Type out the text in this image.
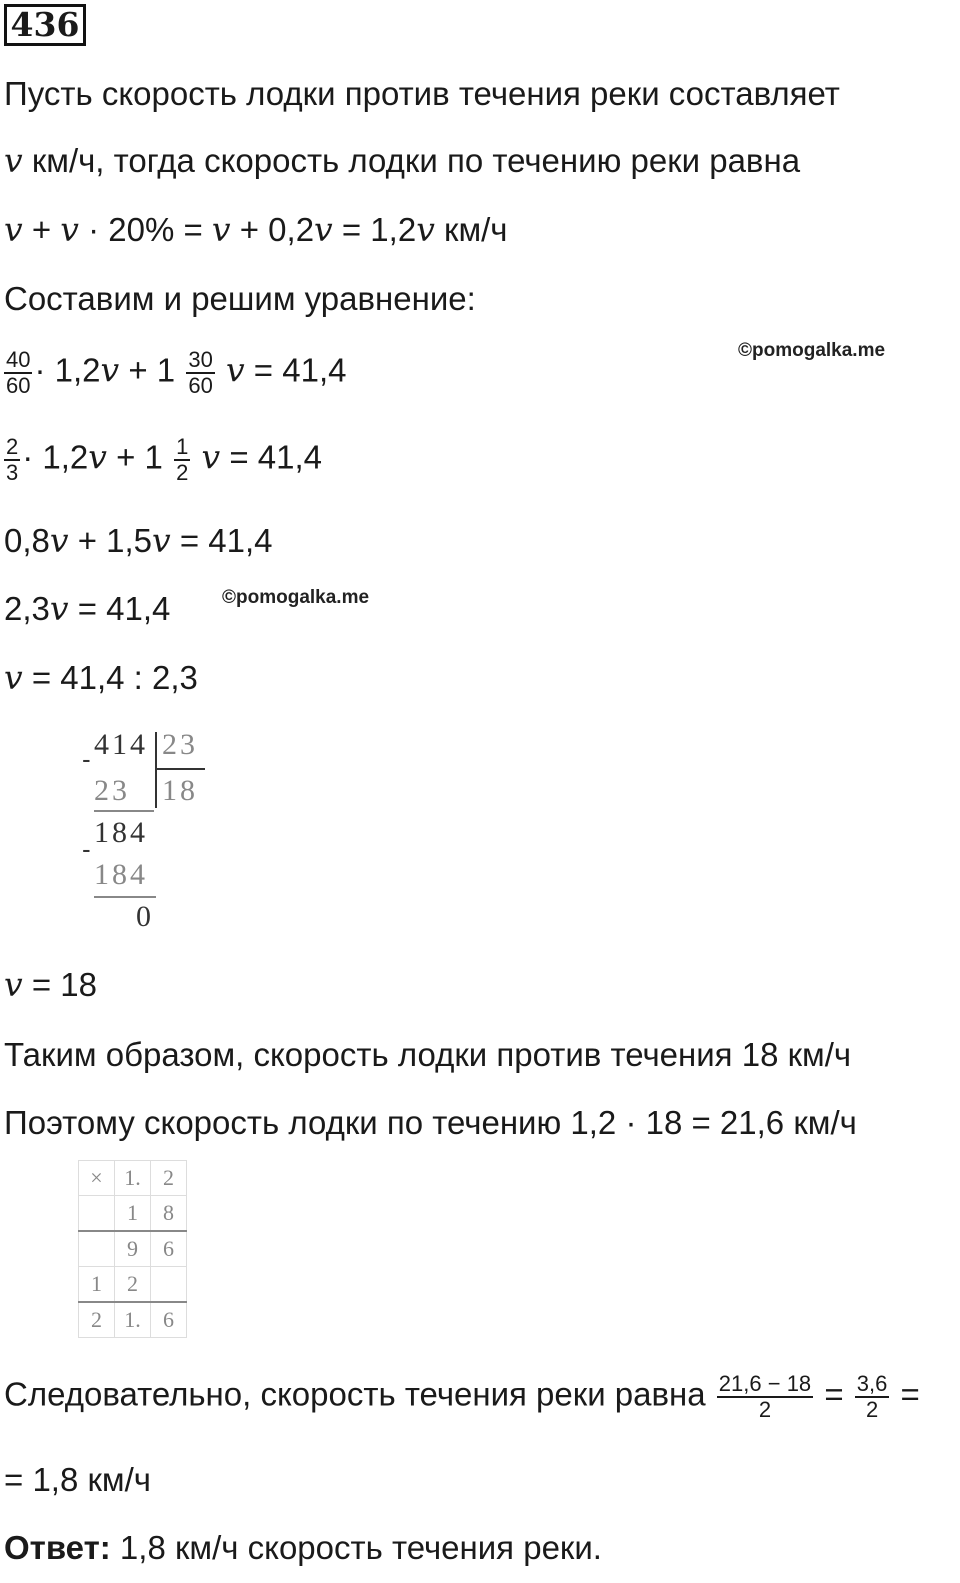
436
Пусть скорость лодки против течения реки составляет
v км/ч, тогда скорость лодки по течению реки равна
v + v · 20% = v + 0,2v = 1,2v км/ч
Составим и решим уравнение:
©pomogalka.me
$\frac{40}{60} \cdot 1,2v + 1 \frac{30}{60}$ v = 41,4
$\frac{2}{3} \cdot 1,2v + 1 \frac{1}{2}$ v = 41,4
0,8v + 1,5v = 41,4
2,3v = 41,4	©pomogalka.me
v = 41,4 : 2,3
414 23
-
23 18
184
-
184
0
v = 18
Таким образом, скорость лодки против течения 18 км/ч
Поэтому скорость лодки по течению 1,2 · 18 = 21,6 км/ч
×	1.	2
	1	8
	9	6
1	2	
2	1.	6
Следовательно, скорость течения реки равна $\frac{21,6 - 18}{2} = \frac{3,6}{2}$ =
= 1,8 км/ч
Ответ: 1,8 км/ч скорость течения реки.
